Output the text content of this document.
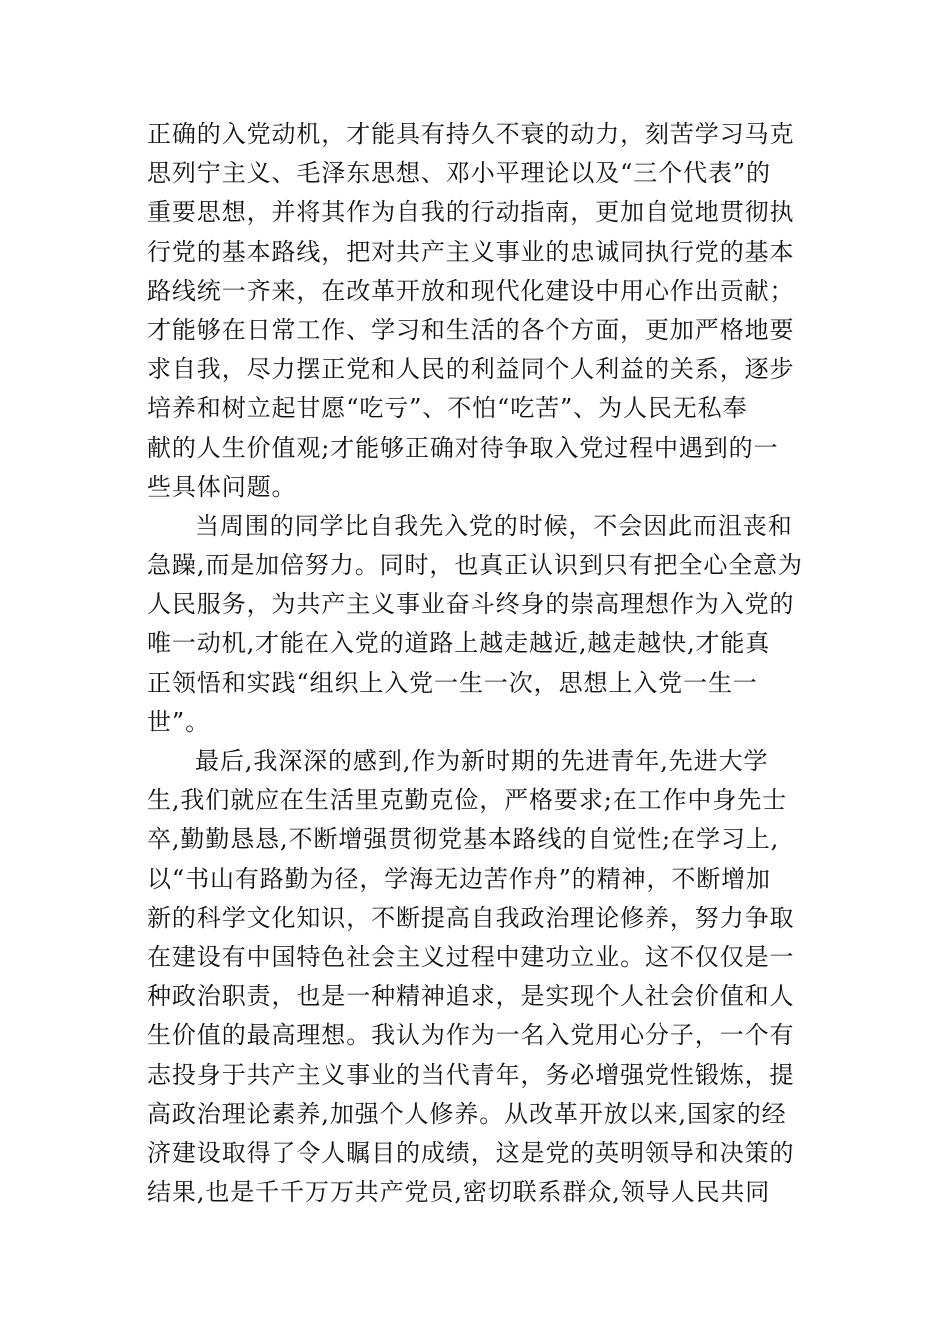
正确的入党动机，才能具有持久不衰的动力，刻苦学习马克
思列宁主义、毛泽东思想、邓小平理论以及“三个代表”的
重要思想，并将其作为自我的行动指南，更加自觉地贯彻执
行党的基本路线，把对共产主义事业的忠诚同执行党的基本
路线统一齐来，在改革开放和现代化建设中用心作出贡献；
才能够在日常工作、学习和生活的各个方面，更加严格地要
求自我，尽力摆正党和人民的利益同个人利益的关系，逐步
培养和树立起甘愿“吃亏”、不怕“吃苦”、为人民无私奉
献的人生价值观;才能够正确对待争取入党过程中遇到的一
些具体问题。
当周围的同学比自我先入党的时候，不会因此而沮丧和
急躁,而是加倍努力。同时，也真正认识到只有把全心全意为
人民服务，为共产主义事业奋斗终身的崇高理想作为入党的
唯一动机,才能在入党的道路上越走越近,越走越快,才能真
正领悟和实践“组织上入党一生一次，思想上入党一生一
世”。
最后,我深深的感到,作为新时期的先进青年,先进大学
生,我们就应在生活里克勤克俭，严格要求;在工作中身先士
卒,勤勤恳恳,不断增强贯彻党基本路线的自觉性;在学习上,
以“书山有路勤为径，学海无边苦作舟”的精神，不断增加
新的科学文化知识，不断提高自我政治理论修养，努力争取
在建设有中国特色社会主义过程中建功立业。这不仅仅是一
种政治职责，也是一种精神追求，是实现个人社会价值和人
生价值的最高理想。我认为作为一名入党用心分子，一个有
志投身于共产主义事业的当代青年，务必增强党性锻炼，提
高政治理论素养,加强个人修养。从改革开放以来,国家的经
济建设取得了令人瞩目的成绩，这是党的英明领导和决策的
结果,也是千千万万共产党员,密切联系群众,领导人民共同
